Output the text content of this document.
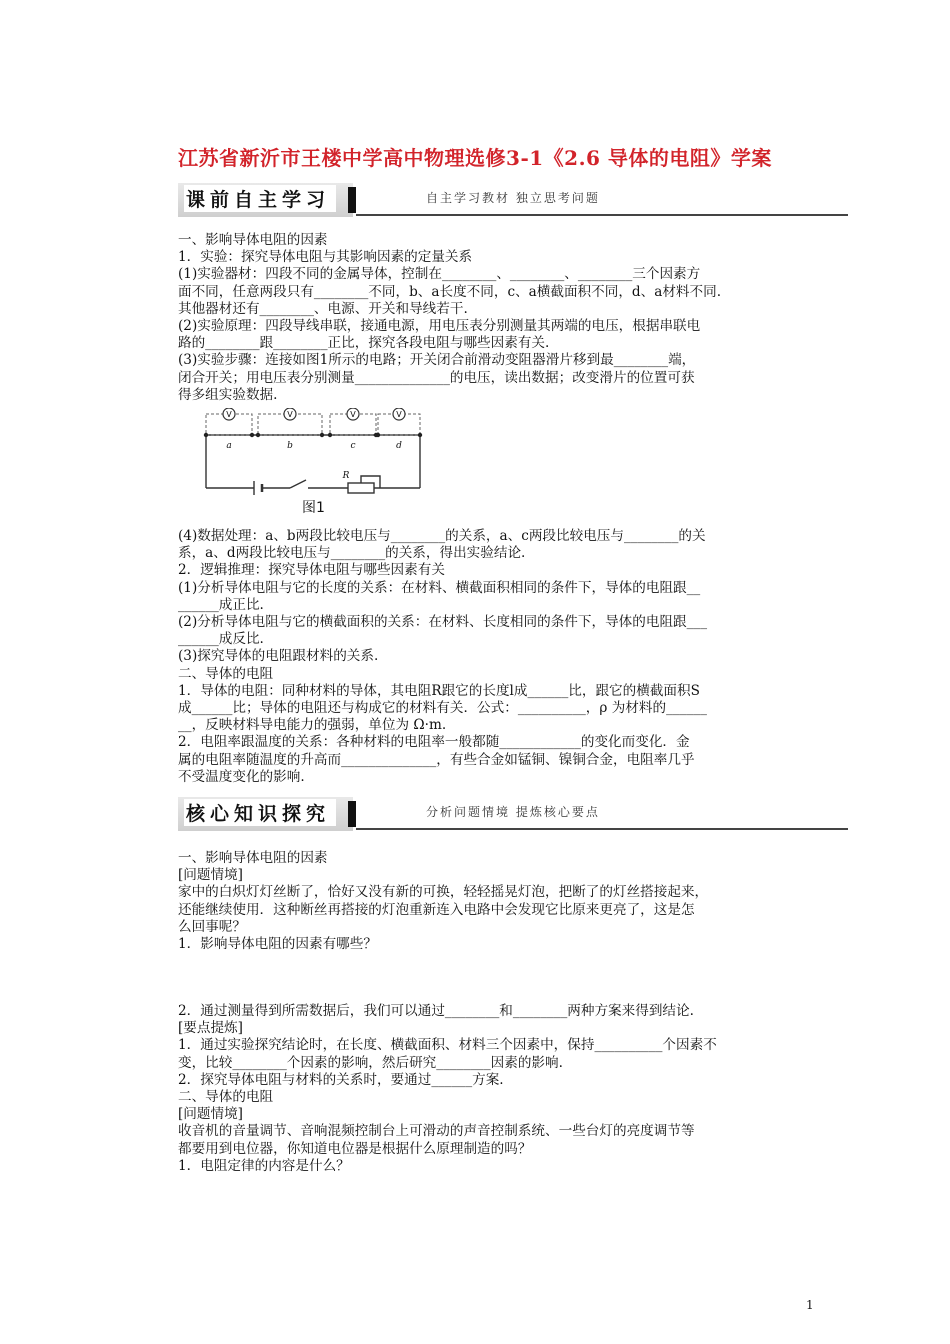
江苏省新沂市王楼中学高中物理选修3-1《2.6 导体的电阻》学案
课前自主学习	自主学习教材 独立思考问题

一、影响导体电阻的因素

1．实验：探究导体电阻与其影响因素的定量关系

(1)实验器材：四段不同的金属导体，控制在________、________、________三个因素方

面不同，任意两段只有________不同，b、a长度不同，c、a横截面积不同，d、a材料不同.

其他器材还有________、电源、开关和导线若干.

(2)实验原理：四段导线串联，接通电源，用电压表分别测量其两端的电压，根据串联电

路的________跟________正比，探究各段电阻与哪些因素有关.

(3)实验步骤：连接如图1所示的电路；开关闭合前滑动变阻器滑片移到最________端，

闭合开关；用电压表分别测量______________的电压，读出数据；改变滑片的位置可获

得多组实验数据.

V	V	V	V
a	b	c	d
R
图1

(4)数据处理：a、b两段比较电压与________的关系，a、c两段比较电压与________的关

系，a、d两段比较电压与________的关系，得出实验结论.

2．逻辑推理：探究导体电阻与哪些因素有关

(1)分析导体电阻与它的长度的关系：在材料、横截面积相同的条件下，导体的电阻跟__

______成正比.

(2)分析导体电阻与它的横截面积的关系：在材料、长度相同的条件下，导体的电阻跟___

______成反比.

(3)探究导体的电阻跟材料的关系.

二、导体的电阻

1．导体的电阻：同种材料的导体，其电阻R跟它的长度l成______比，跟它的横截面积S

成______比；导体的电阻还与构成它的材料有关．公式：__________，ρ 为材料的______

__，反映材料导电能力的强弱，单位为 Ω·m.

2．电阻率跟温度的关系：各种材料的电阻率一般都随____________的变化而变化．金

属的电阻率随温度的升高而______________，有些合金如锰铜、镍铜合金，电阻率几乎

不受温度变化的影响.

核心知识探究	分析问题情境 提炼核心要点

一、影响导体电阻的因素

[问题情境]

家中的白炽灯灯丝断了，恰好又没有新的可换，轻轻摇晃灯泡，把断了的灯丝搭接起来，

还能继续使用．这种断丝再搭接的灯泡重新连入电路中会发现它比原来更亮了，这是怎

么回事呢？

1．影响导体电阻的因素有哪些？

2．通过测量得到所需数据后，我们可以通过________和________两种方案来得到结论.

[要点提炼]

1．通过实验探究结论时，在长度、横截面积、材料三个因素中，保持__________个因素不

变，比较________个因素的影响，然后研究________因素的影响.

2．探究导体电阻与材料的关系时，要通过______方案.

二、导体的电阻

[问题情境]

收音机的音量调节、音响混频控制台上可滑动的声音控制系统、一些台灯的亮度调节等

都要用到电位器，你知道电位器是根据什么原理制造的吗？

1．电阻定律的内容是什么？

1
